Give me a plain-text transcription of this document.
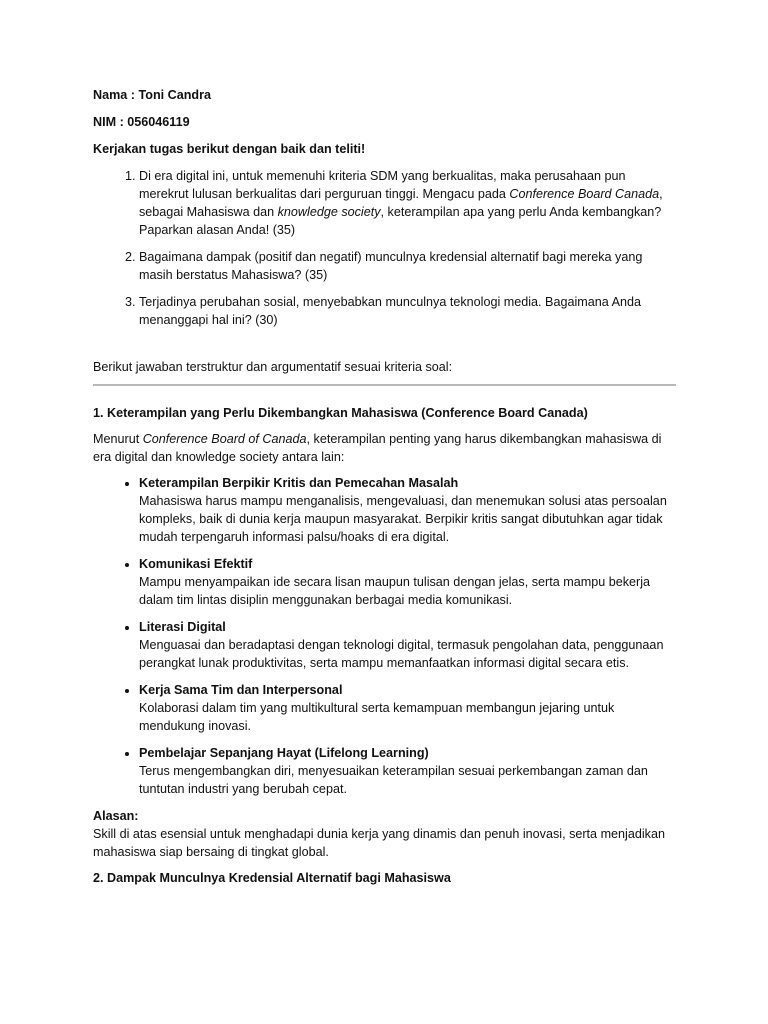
Nama : Toni Candra

NIM : 056046119

Kerjakan tugas berikut dengan baik dan teliti!

1. Di era digital ini, untuk memenuhi kriteria SDM yang berkualitas, maka perusahaan pun merekrut lulusan berkualitas dari perguruan tinggi. Mengacu pada Conference Board Canada, sebagai Mahasiswa dan knowledge society, keterampilan apa yang perlu Anda kembangkan? Paparkan alasan Anda! (35)
2. Bagaimana dampak (positif dan negatif) munculnya kredensial alternatif bagi mereka yang masih berstatus Mahasiswa? (35)
3. Terjadinya perubahan sosial, menyebabkan munculnya teknologi media. Bagaimana Anda menanggapi hal ini? (30)

Berikut jawaban terstruktur dan argumentatif sesuai kriteria soal:

1. Keterampilan yang Perlu Dikembangkan Mahasiswa (Conference Board Canada)

Menurut Conference Board of Canada, keterampilan penting yang harus dikembangkan mahasiswa di era digital dan knowledge society antara lain:

• Keterampilan Berpikir Kritis dan Pemecahan Masalah
Mahasiswa harus mampu menganalisis, mengevaluasi, dan menemukan solusi atas persoalan kompleks, baik di dunia kerja maupun masyarakat. Berpikir kritis sangat dibutuhkan agar tidak mudah terpengaruh informasi palsu/hoaks di era digital.
• Komunikasi Efektif
Mampu menyampaikan ide secara lisan maupun tulisan dengan jelas, serta mampu bekerja dalam tim lintas disiplin menggunakan berbagai media komunikasi.
• Literasi Digital
Menguasai dan beradaptasi dengan teknologi digital, termasuk pengolahan data, penggunaan perangkat lunak produktivitas, serta mampu memanfaatkan informasi digital secara etis.
• Kerja Sama Tim dan Interpersonal
Kolaborasi dalam tim yang multikultural serta kemampuan membangun jejaring untuk mendukung inovasi.
• Pembelajar Sepanjang Hayat (Lifelong Learning)
Terus mengembangkan diri, menyesuaikan keterampilan sesuai perkembangan zaman dan tuntutan industri yang berubah cepat.

Alasan:

Skill di atas esensial untuk menghadapi dunia kerja yang dinamis dan penuh inovasi, serta menjadikan mahasiswa siap bersaing di tingkat global.

2. Dampak Munculnya Kredensial Alternatif bagi Mahasiswa
